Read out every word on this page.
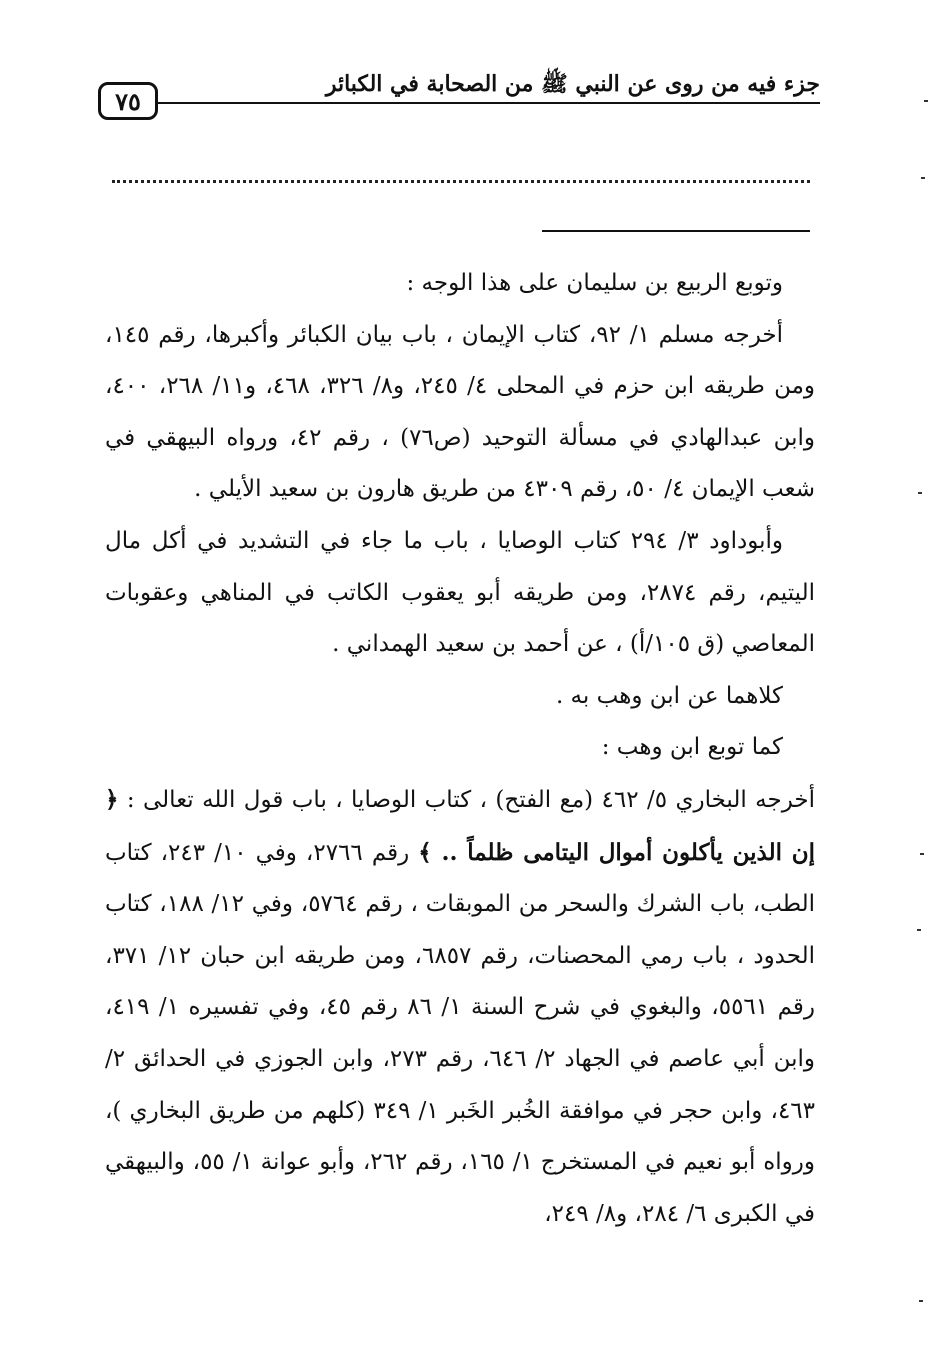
جزء فيه من روى عن النبي ﷺ من الصحابة في الكبائر
٧٥

وتوبع الربيع بن سليمان على هذا الوجه :

أخرجه مسلم ١/ ٩٢، كتاب الإيمان ، باب بيان الكبائر وأكبرها، رقم ١٤٥، ومن طريقه ابن حزم في المحلى ٤/ ٢٤٥، و٨/ ٣٢٦، ٤٦٨، و١١/ ٢٦٨، ٤٠٠، وابن عبدالهادي في مسألة التوحيد (ص٧٦) ، رقم ٤٢، ورواه البيهقي في شعب الإيمان ٤/ ٥٠، رقم ٤٣٠٩ من طريق هارون بن سعيد الأيلي .

وأبوداود ٣/ ٢٩٤ كتاب الوصايا ، باب ما جاء في التشديد في أكل مال اليتيم، رقم ٢٨٧٤، ومن طريقه أبو يعقوب الكاتب في المناهي وعقوبات المعاصي (ق ١٠٥/أ) ، عن أحمد بن سعيد الهمداني .

كلاهما عن ابن وهب به .

كما توبع ابن وهب :

أخرجه البخاري ٥/ ٤٦٢ (مع الفتح) ، كتاب الوصايا ، باب قول الله تعالى : ﴿ إن الذين يأكلون أموال اليتامى ظلماً .. ﴾ رقم ٢٧٦٦، وفي ١٠/ ٢٤٣، كتاب الطب، باب الشرك والسحر من الموبقات ، رقم ٥٧٦٤، وفي ١٢/ ١٨٨، كتاب الحدود ، باب رمي المحصنات، رقم ٦٨٥٧، ومن طريقه ابن حبان ١٢/ ٣٧١، رقم ٥٥٦١، والبغوي في شرح السنة ١/ ٨٦ رقم ٤٥، وفي تفسيره ١/ ٤١٩، وابن أبي عاصم في الجهاد ٢/ ٦٤٦، رقم ٢٧٣، وابن الجوزي في الحدائق ٢/ ٤٦٣، وابن حجر في موافقة الخُبر الخَبر ١/ ٣٤٩ (كلهم من طريق البخاري )، ورواه أبو نعيم في المستخرج ١/ ١٦٥، رقم ٢٦٢، وأبو عوانة ١/ ٥٥، والبيهقي في الكبرى ٦/ ٢٨٤، و٨/ ٢٤٩،
